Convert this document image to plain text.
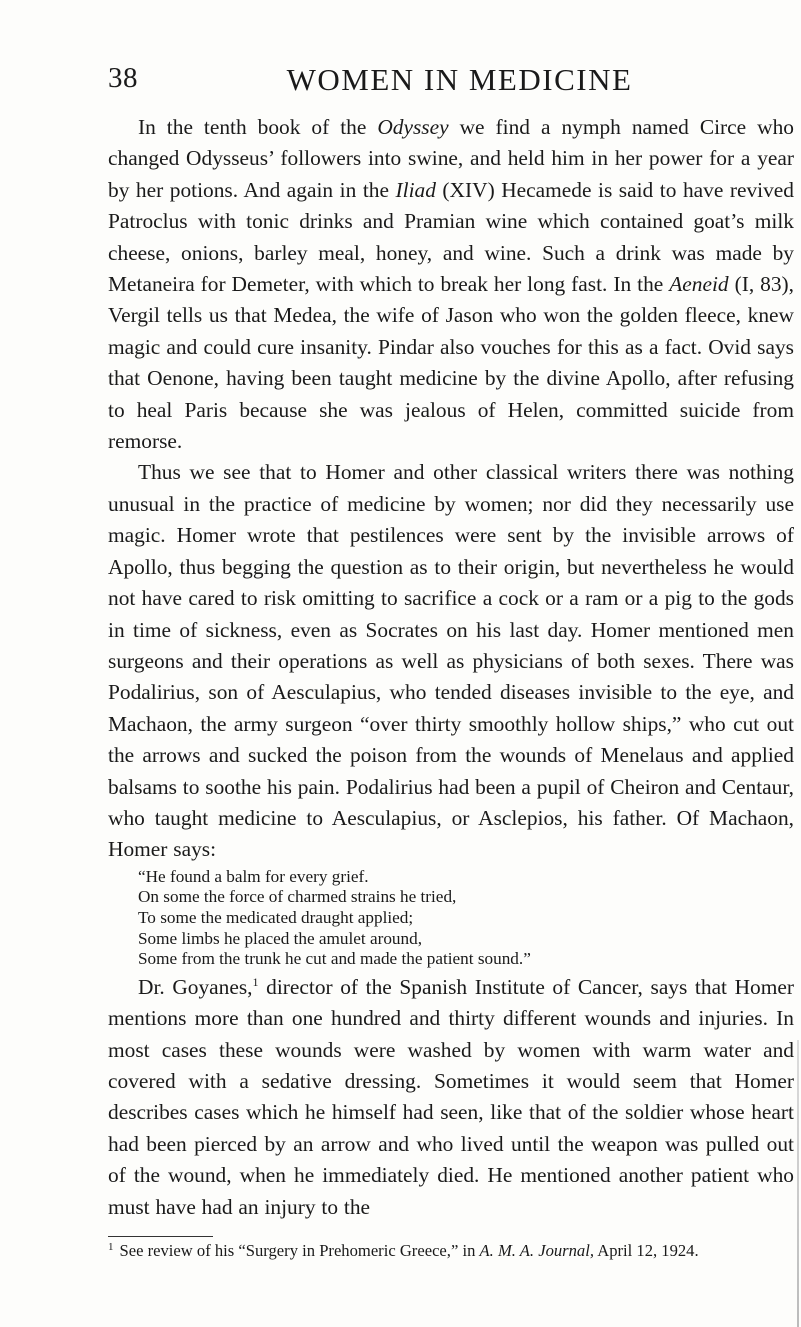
38	WOMEN IN MEDICINE

In the tenth book of the Odyssey we find a nymph named Circe who changed Odysseus’ followers into swine, and held him in her power for a year by her potions. And again in the Iliad (XIV) Hecamede is said to have revived Patroclus with tonic drinks and Pramian wine which contained goat’s milk cheese, onions, barley meal, honey, and wine. Such a drink was made by Metaneira for Demeter, with which to break her long fast. In the Aeneid (I, 83), Vergil tells us that Medea, the wife of Jason who won the golden fleece, knew magic and could cure insanity. Pindar also vouches for this as a fact. Ovid says that Oenone, having been taught medicine by the divine Apollo, after refusing to heal Paris because she was jealous of Helen, committed suicide from remorse.

Thus we see that to Homer and other classical writers there was nothing unusual in the practice of medicine by women; nor did they necessarily use magic. Homer wrote that pestilences were sent by the invisible arrows of Apollo, thus begging the question as to their origin, but nevertheless he would not have cared to risk omitting to sacrifice a cock or a ram or a pig to the gods in time of sickness, even as Socrates on his last day. Homer mentioned men surgeons and their operations as well as physicians of both sexes. There was Podalirius, son of Aesculapius, who tended diseases invisible to the eye, and Machaon, the army surgeon “over thirty smoothly hollow ships,” who cut out the arrows and sucked the poison from the wounds of Menelaus and applied balsams to soothe his pain. Podalirius had been a pupil of Cheiron and Centaur, who taught medicine to Aesculapius, or Asclepios, his father. Of Machaon, Homer says:

“He found a balm for every grief.
On some the force of charmed strains he tried,
To some the medicated draught applied;
Some limbs he placed the amulet around,
Some from the trunk he cut and made the patient sound.”

Dr. Goyanes,$^1$ director of the Spanish Institute of Cancer, says that Homer mentions more than one hundred and thirty different wounds and injuries. In most cases these wounds were washed by women with warm water and covered with a sedative dressing. Sometimes it would seem that Homer describes cases which he himself had seen, like that of the soldier whose heart had been pierced by an arrow and who lived until the weapon was pulled out of the wound, when he immediately died. He mentioned another patient who must have had an injury to the

$^1$ See review of his “Surgery in Prehomeric Greece,” in A. M. A. Journal, April 12, 1924.
